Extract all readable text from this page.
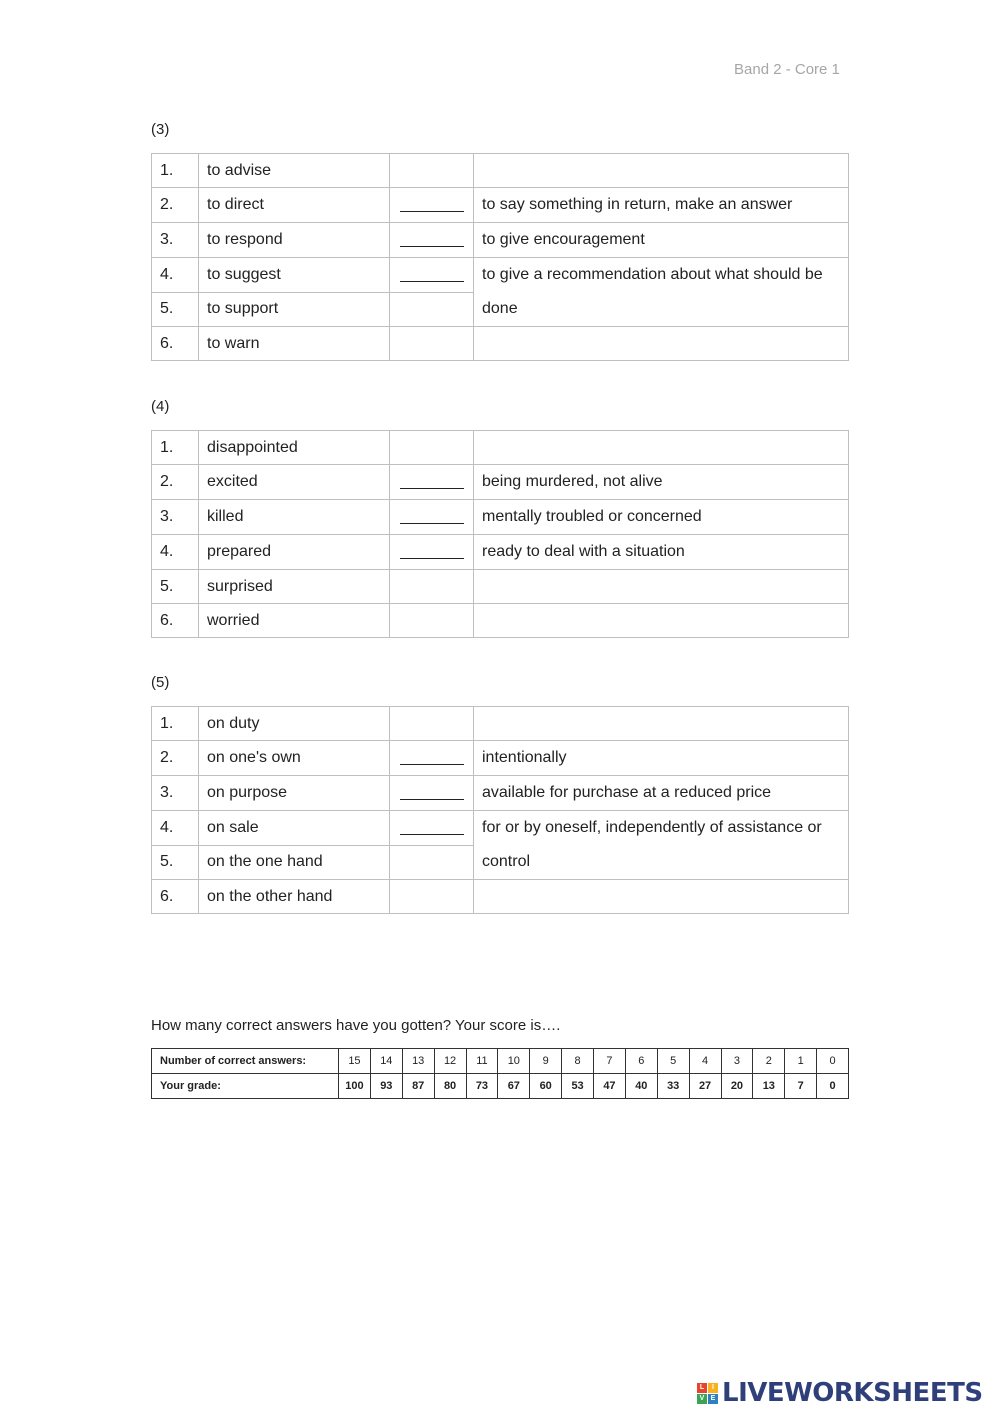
Band 2 - Core 1
(3)
1.	to advise		
2.	to direct		to say something in return, make an answer
3.	to respond		to give encouragement
4.	to suggest		to give a recommendation about what should be done
5.	to support		
6.	to warn		
(4)
1.	disappointed		
2.	excited		being murdered, not alive
3.	killed		mentally troubled or concerned
4.	prepared		ready to deal with a situation
5.	surprised		
6.	worried		
(5)
1.	on duty		
2.	on one's own		intentionally
3.	on purpose		available for purchase at a reduced price
4.	on sale		for or by oneself, independently of assistance or control
5.	on the one hand		
6.	on the other hand		
How many correct answers have you gotten? Your score is….
Number of correct answers:	15	14	13	12	11	10	9	8	7	6	5	4	3	2	1	0
Your grade:	100	93	87	80	73	67	60	53	47	40	33	27	20	13	7	0
L	I
V E LIVEWORKSHEETS
